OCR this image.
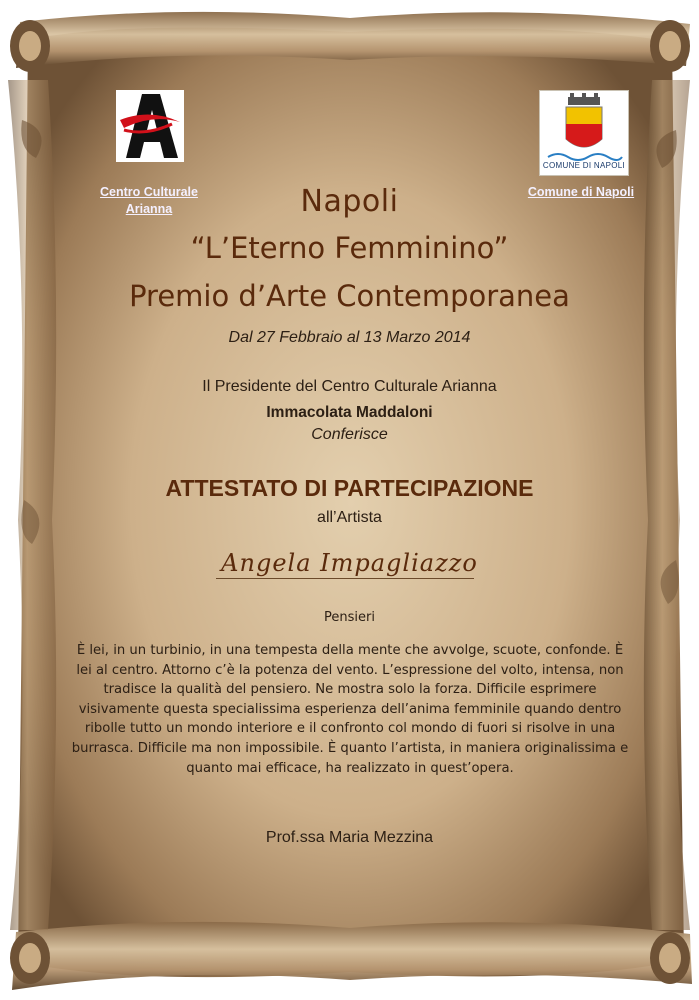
COMUNE DI NAPOLI
Centro Culturale Arianna
Comune di Napoli
Napoli
“L’Eterno Femminino”
Premio d’Arte Contemporanea
Dal 27 Febbraio al 13 Marzo 2014
Il Presidente del Centro Culturale Arianna
Immacolata Maddaloni
Conferisce
ATTESTATO DI PARTECIPAZIONE
all’Artista
Angela Impagliazzo
Pensieri
È lei, in un turbinio, in una tempesta della mente che avvolge, scuote, confonde. È lei al centro. Attorno c’è la potenza del vento. L’espressione del volto, intensa, non tradisce la qualità del pensiero. Ne mostra solo la forza. Difficile esprimere visivamente questa specialissima esperienza dell’anima femminile quando dentro ribolle tutto un mondo interiore e il confronto col mondo di fuori si risolve in una burrasca. Difficile ma non impossibile. È quanto l’artista, in maniera originalissima e quanto mai efficace, ha realizzato in quest’opera.
Prof.ssa Maria Mezzina
